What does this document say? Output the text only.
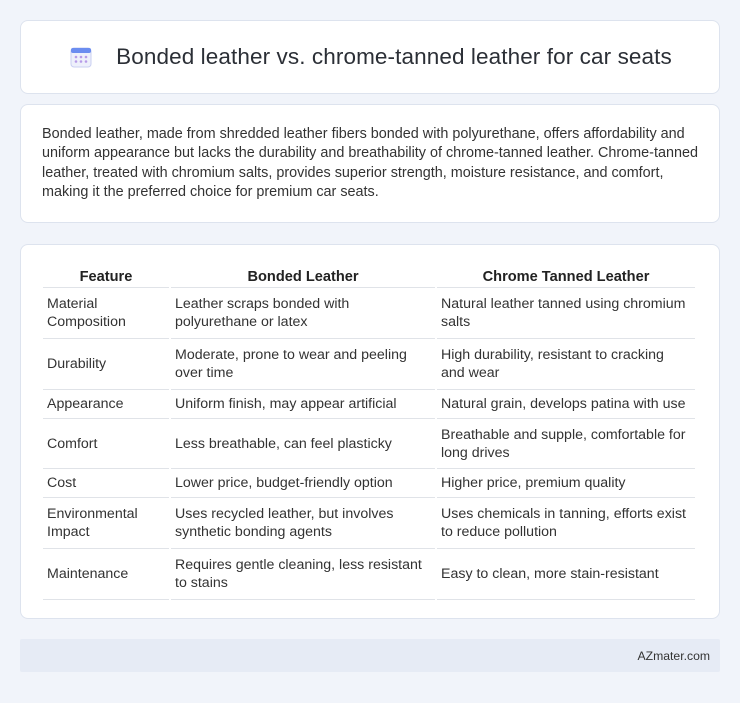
Bonded leather vs. chrome-tanned leather for car seats

Bonded leather, made from shredded leather fibers bonded with polyurethane, offers affordability and uniform appearance but lacks the durability and breathability of chrome-tanned leather. Chrome-tanned leather, treated with chromium salts, provides superior strength, moisture resistance, and comfort, making it the preferred choice for premium car seats.

Feature	Bonded Leather	Chrome Tanned Leather
Material Composition	Leather scraps bonded with polyurethane or latex	Natural leather tanned using chromium salts
Durability	Moderate, prone to wear and peeling over time	High durability, resistant to cracking and wear
Appearance	Uniform finish, may appear artificial	Natural grain, develops patina with use
Comfort	Less breathable, can feel plasticky	Breathable and supple, comfortable for long drives
Cost	Lower price, budget-friendly option	Higher price, premium quality
Environmental Impact	Uses recycled leather, but involves synthetic bonding agents	Uses chemicals in tanning, efforts exist to reduce pollution
Maintenance	Requires gentle cleaning, less resistant to stains	Easy to clean, more stain-resistant
AZmater.com
